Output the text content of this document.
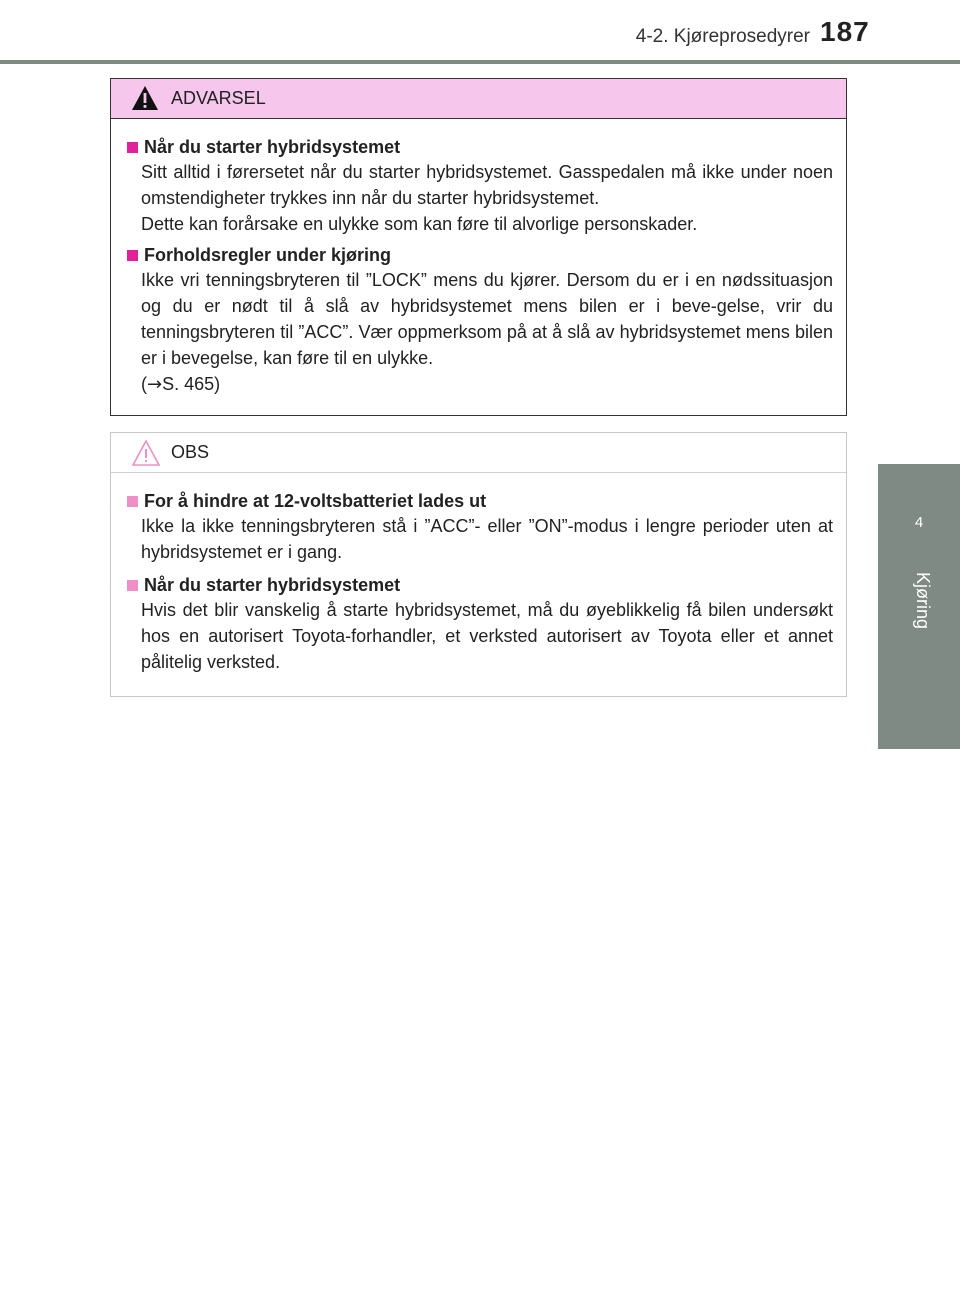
4-2. Kjøreprosedyrer 187
4
Kjøring
ADVARSEL
Når du starter hybridsystemet

Sitt alltid i førersetet når du starter hybridsystemet. Gasspedalen må ikke under noen omstendigheter trykkes inn når du starter hybridsystemet.

Dette kan forårsake en ulykke som kan føre til alvorlige personskader.

Forholdsregler under kjøring

Ikke vri tenningsbryteren til ”LOCK” mens du kjører. Dersom du er i en nødssituasjon og du er nødt til å slå av hybridsystemet mens bilen er i beve-gelse, vrir du tenningsbryteren til ”ACC”. Vær oppmerksom på at å slå av hybridsystemet mens bilen er i bevegelse, kan føre til en ulykke.

(→S. 465)

OBS
For å hindre at 12-voltsbatteriet lades ut

Ikke la ikke tenningsbryteren stå i ”ACC”- eller ”ON”-modus i lengre perioder uten at hybridsystemet er i gang.

Når du starter hybridsystemet

Hvis det blir vanskelig å starte hybridsystemet, må du øyeblikkelig få bilen undersøkt hos en autorisert Toyota-forhandler, et verksted autorisert av Toyota eller et annet pålitelig verksted.
